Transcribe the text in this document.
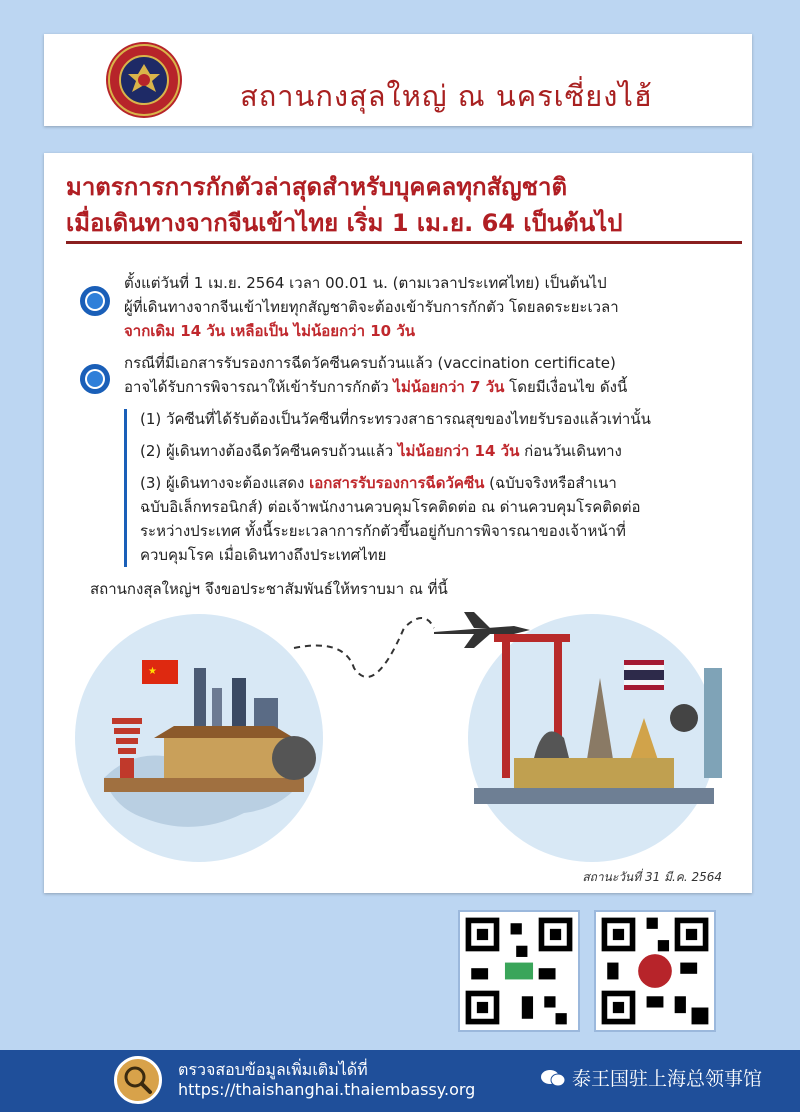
สถานกงสุลใหญ่ ณ นครเซี่ยงไฮ้
มาตรการการกักตัวล่าสุดสำหรับบุคคลทุกสัญชาติ
เมื่อเดินทางจากจีนเข้าไทย เริ่ม 1 เม.ย. 64 เป็นต้นไป
ตั้งแต่วันที่ 1 เม.ย. 2564 เวลา 00.01 น. (ตามเวลาประเทศไทย) เป็นต้นไป
ผู้ที่เดินทางจากจีนเข้าไทยทุกสัญชาติจะต้องเข้ารับการกักตัว โดยลดระยะเวลา
จากเดิม 14 วัน เหลือเป็น ไม่น้อยกว่า 10 วัน
กรณีที่มีเอกสารรับรองการฉีดวัคซีนครบถ้วนแล้ว (vaccination certificate)
อาจได้รับการพิจารณาให้เข้ารับการกักตัว ไม่น้อยกว่า 7 วัน โดยมีเงื่อนไข ดังนี้
(1) วัคซีนที่ได้รับต้องเป็นวัคซีนที่กระทรวงสาธารณสุขของไทยรับรองแล้วเท่านั้น
(2) ผู้เดินทางต้องฉีดวัคซีนครบถ้วนแล้ว ไม่น้อยกว่า 14 วัน ก่อนวันเดินทาง
(3) ผู้เดินทางจะต้องแสดง เอกสารรับรองการฉีดวัคซีน (ฉบับจริงหรือสำเนา
ฉบับอิเล็กทรอนิกส์) ต่อเจ้าพนักงานควบคุมโรคติดต่อ ณ ด่านควบคุมโรคติดต่อ
ระหว่างประเทศ ทั้งนี้ระยะเวลาการกักตัวขึ้นอยู่กับการพิจารณาของเจ้าหน้าที่
ควบคุมโรค เมื่อเดินทางถึงประเทศไทย
สถานกงสุลใหญ่ฯ จึงขอประชาสัมพันธ์ให้ทราบมา ณ ที่นี้
★
สถานะวันที่ 31 มี.ค. 2564
ตรวจสอบข้อมูลเพิ่มเติมได้ที่
https://thaishanghai.thaiembassy.org	泰王国驻上海总领事馆
